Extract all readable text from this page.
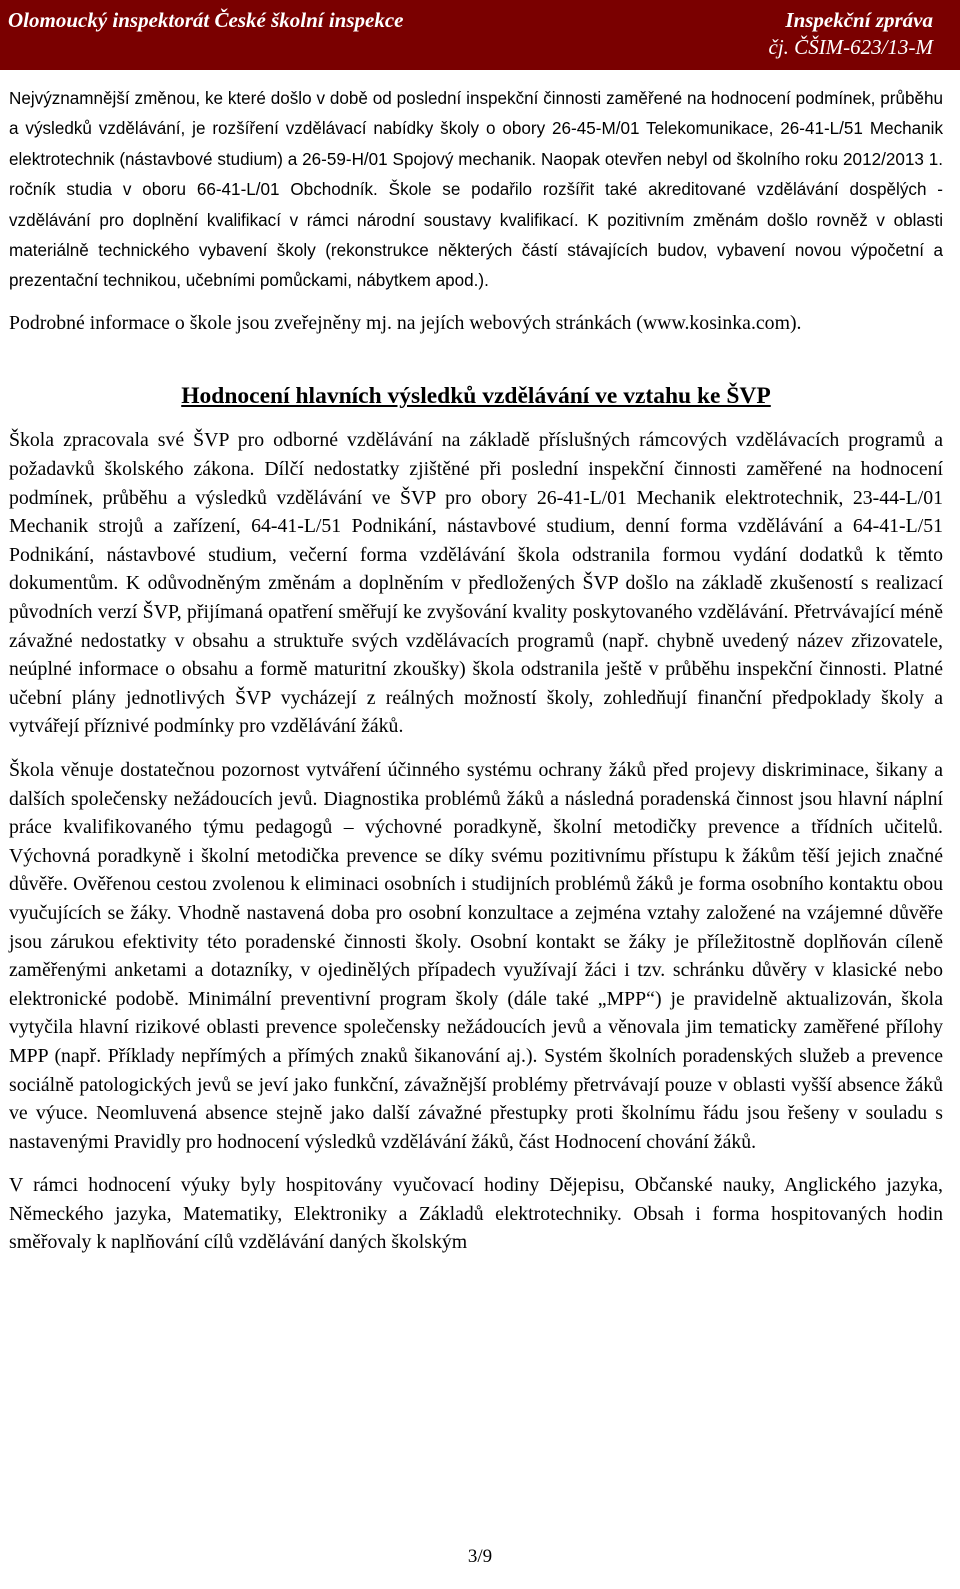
Olomoucký inspektorát České školní inspekce	Inspekční zpráva
čj. ČŠIM-623/13-M

Nejvýznamnější změnou, ke které došlo v době od poslední inspekční činnosti zaměřené na hodnocení podmínek, průběhu a výsledků vzdělávání, je rozšíření vzdělávací nabídky školy o obory 26-45-M/01 Telekomunikace, 26-41-L/51 Mechanik elektrotechnik (nástavbové studium) a 26-59-H/01 Spojový mechanik. Naopak otevřen nebyl od školního roku 2012/2013 1. ročník studia v oboru 66-41-L/01 Obchodník. Škole se podařilo rozšířit také akreditované vzdělávání dospělých - vzdělávání pro doplnění kvalifikací v rámci národní soustavy kvalifikací. K pozitivním změnám došlo rovněž v oblasti materiálně technického vybavení školy (rekonstrukce některých částí stávajících budov, vybavení novou výpočetní a prezentační technikou, učebními pomůckami, nábytkem apod.).

Podrobné informace o škole jsou zveřejněny mj. na jejích webových stránkách (www.kosinka.com).

Hodnocení hlavních výsledků vzdělávání ve vztahu ke ŠVP

Škola zpracovala své ŠVP pro odborné vzdělávání na základě příslušných rámcových vzdělávacích programů a požadavků školského zákona. Dílčí nedostatky zjištěné při poslední inspekční činnosti zaměřené na hodnocení podmínek, průběhu a výsledků vzdělávání ve ŠVP pro obory 26-41-L/01 Mechanik elektrotechnik, 23-44-L/01 Mechanik strojů a zařízení, 64-41-L/51 Podnikání, nástavbové studium, denní forma vzdělávání a 64-41-L/51 Podnikání, nástavbové studium, večerní forma vzdělávání škola odstranila formou vydání dodatků k těmto dokumentům. K odůvodněným změnám a doplněním v předložených ŠVP došlo na základě zkušeností s realizací původních verzí ŠVP, přijímaná opatření směřují ke zvyšování kvality poskytovaného vzdělávání. Přetrvávající méně závažné nedostatky v obsahu a struktuře svých vzdělávacích programů (např. chybně uvedený název zřizovatele, neúplné informace o obsahu a formě maturitní zkoušky) škola odstranila ještě v průběhu inspekční činnosti. Platné učební plány jednotlivých ŠVP vycházejí z reálných možností školy, zohledňují finanční předpoklady školy a vytvářejí příznivé podmínky pro vzdělávání žáků.

Škola věnuje dostatečnou pozornost vytváření účinného systému ochrany žáků před projevy diskriminace, šikany a dalších společensky nežádoucích jevů. Diagnostika problémů žáků a následná poradenská činnost jsou hlavní náplní práce kvalifikovaného týmu pedagogů – výchovné poradkyně, školní metodičky prevence a třídních učitelů. Výchovná poradkyně i školní metodička prevence se díky svému pozitivnímu přístupu k žákům těší jejich značné důvěře. Ověřenou cestou zvolenou k eliminaci osobních i studijních problémů žáků je forma osobního kontaktu obou vyučujících se žáky. Vhodně nastavená doba pro osobní konzultace a zejména vztahy založené na vzájemné důvěře jsou zárukou efektivity této poradenské činnosti školy. Osobní kontakt se žáky je příležitostně doplňován cíleně zaměřenými anketami a dotazníky, v ojedinělých případech využívají žáci i tzv. schránku důvěry v klasické nebo elektronické podobě. Minimální preventivní program školy (dále také „MPP“) je pravidelně aktualizován, škola vytyčila hlavní rizikové oblasti prevence společensky nežádoucích jevů a věnovala jim tematicky zaměřené přílohy MPP (např. Příklady nepřímých a přímých znaků šikanování aj.). Systém školních poradenských služeb a prevence sociálně patologických jevů se jeví jako funkční, závažnější problémy přetrvávají pouze v oblasti vyšší absence žáků ve výuce. Neomluvená absence stejně jako další závažné přestupky proti školnímu řádu jsou řešeny v souladu s nastavenými Pravidly pro hodnocení výsledků vzdělávání žáků, část Hodnocení chování žáků.

V rámci hodnocení výuky byly hospitovány vyučovací hodiny Dějepisu, Občanské nauky, Anglického jazyka, Německého jazyka, Matematiky, Elektroniky a Základů elektrotechniky. Obsah i forma hospitovaných hodin směřovaly k naplňování cílů vzdělávání daných školským

3/9
